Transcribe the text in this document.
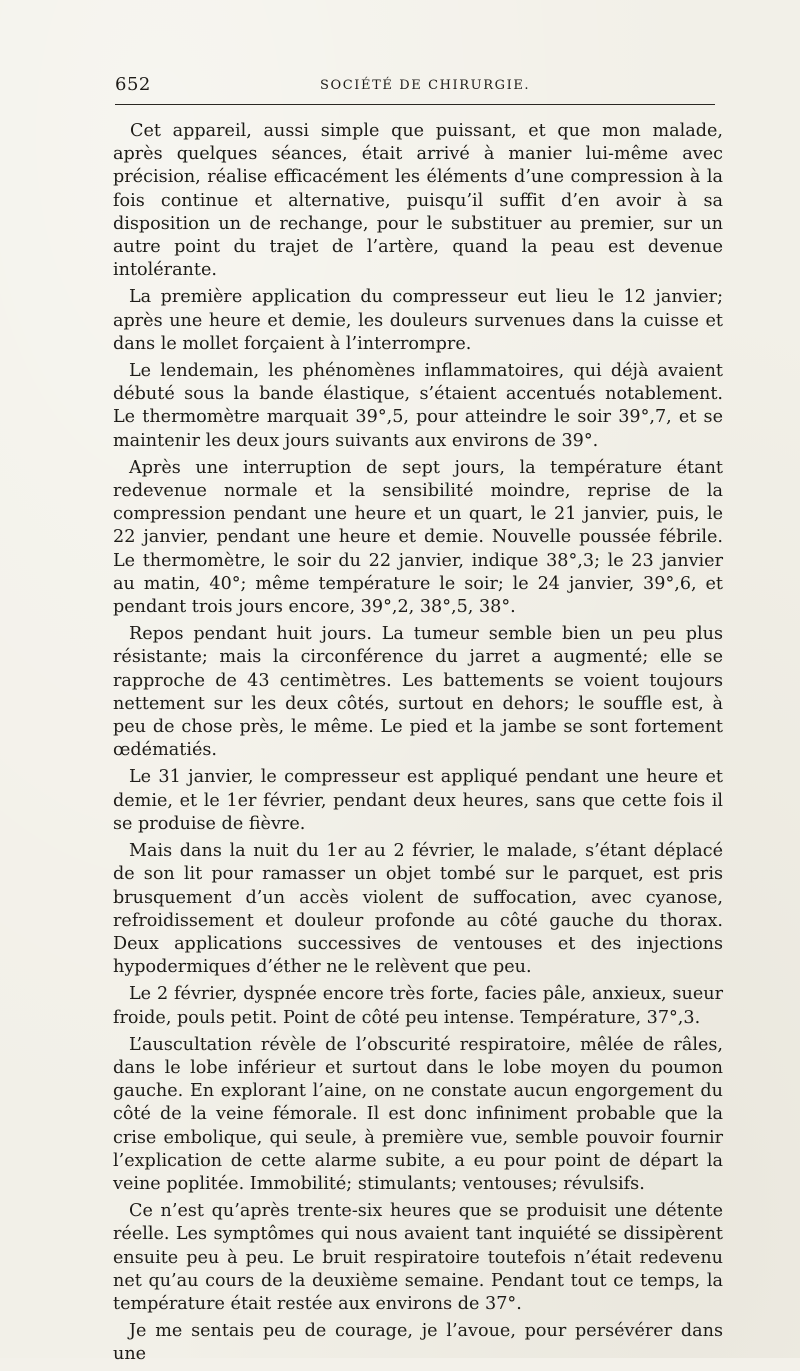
652	SOCIÉTÉ DE CHIRURGIE.

Cet appareil, aussi simple que puissant, et que mon malade, après quelques séances, était arrivé à manier lui-même avec précision, réalise efficacément les éléments d’une compression à la fois continue et alternative, puisqu’il suffit d’en avoir à sa disposition un de rechange, pour le substituer au premier, sur un autre point du trajet de l’artère, quand la peau est devenue intolérante.

La première application du compresseur eut lieu le 12 janvier; après une heure et demie, les douleurs survenues dans la cuisse et dans le mollet forçaient à l’interrompre.

Le lendemain, les phénomènes inflammatoires, qui déjà avaient débuté sous la bande élastique, s’étaient accentués notablement. Le thermomètre marquait 39°,5, pour atteindre le soir 39°,7, et se maintenir les deux jours suivants aux environs de 39°.

Après une interruption de sept jours, la température étant redevenue normale et la sensibilité moindre, reprise de la compression pendant une heure et un quart, le 21 janvier, puis, le 22 janvier, pendant une heure et demie. Nouvelle poussée fébrile. Le thermomètre, le soir du 22 janvier, indique 38°,3; le 23 janvier au matin, 40°; même température le soir; le 24 janvier, 39°,6, et pendant trois jours encore, 39°,2, 38°,5, 38°.

Repos pendant huit jours. La tumeur semble bien un peu plus résistante; mais la circonférence du jarret a augmenté; elle se rapproche de 43 centimètres. Les battements se voient toujours nettement sur les deux côtés, surtout en dehors; le souffle est, à peu de chose près, le même. Le pied et la jambe se sont fortement œdématiés.

Le 31 janvier, le compresseur est appliqué pendant une heure et demie, et le 1er février, pendant deux heures, sans que cette fois il se produise de fièvre.

Mais dans la nuit du 1er au 2 février, le malade, s’étant déplacé de son lit pour ramasser un objet tombé sur le parquet, est pris brusquement d’un accès violent de suffocation, avec cyanose, refroidissement et douleur profonde au côté gauche du thorax. Deux applications successives de ventouses et des injections hypodermiques d’éther ne le relèvent que peu.

Le 2 février, dyspnée encore très forte, facies pâle, anxieux, sueur froide, pouls petit. Point de côté peu intense. Température, 37°,3.

L’auscultation révèle de l’obscurité respiratoire, mêlée de râles, dans le lobe inférieur et surtout dans le lobe moyen du poumon gauche. En explorant l’aine, on ne constate aucun engorgement du côté de la veine fémorale. Il est donc infiniment probable que la crise embolique, qui seule, à première vue, semble pouvoir fournir l’explication de cette alarme subite, a eu pour point de départ la veine poplitée. Immobilité; stimulants; ventouses; révulsifs.

Ce n’est qu’après trente-six heures que se produisit une détente réelle. Les symptômes qui nous avaient tant inquiété se dissipèrent ensuite peu à peu. Le bruit respiratoire toutefois n’était redevenu net qu’au cours de la deuxième semaine. Pendant tout ce temps, la température était restée aux environs de 37°.

Je me sentais peu de courage, je l’avoue, pour persévérer dans une
